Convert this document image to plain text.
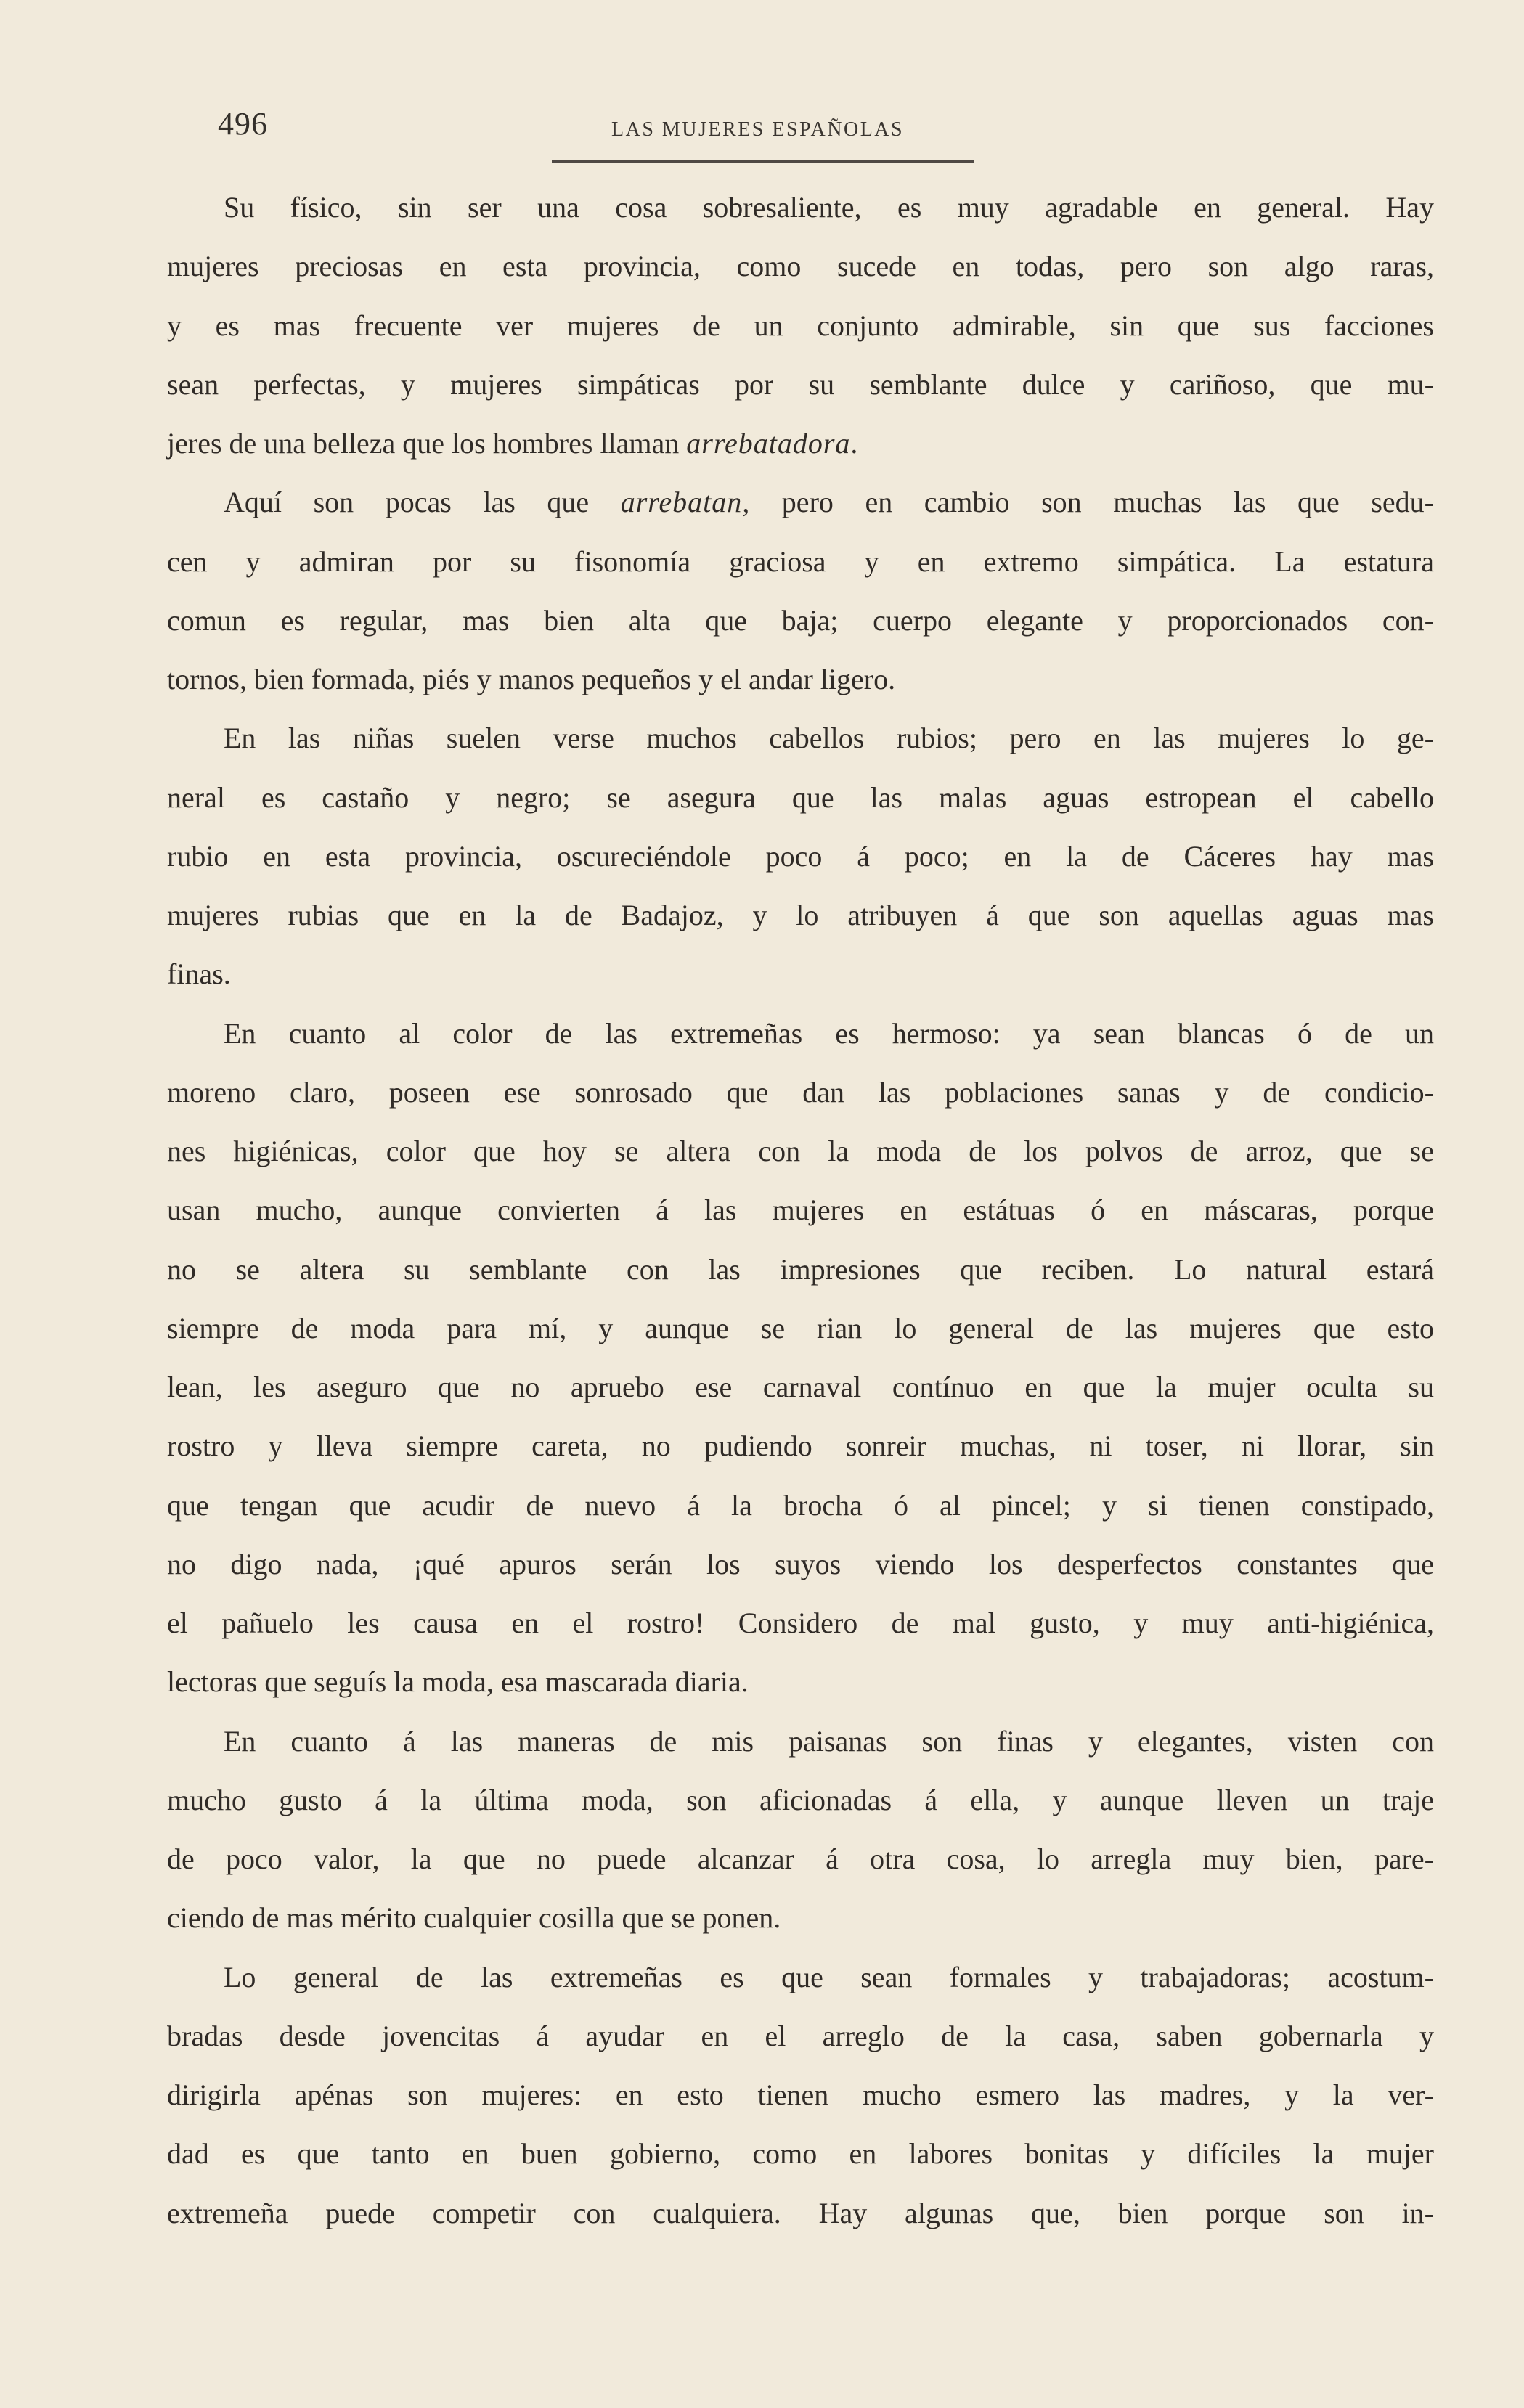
496	LAS MUJERES ESPAÑOLAS

Su físico, sin ser una cosa sobresaliente, es muy agradable en general. Hay
mujeres preciosas en esta provincia, como sucede en todas, pero son algo raras,
y es mas frecuente ver mujeres de un conjunto admirable, sin que sus facciones
sean perfectas, y mujeres simpáticas por su semblante dulce y cariñoso, que mu-
jeres de una belleza que los hombres llaman arrebatadora.

Aquí son pocas las que arrebatan, pero en cambio son muchas las que sedu-
cen y admiran por su fisonomía graciosa y en extremo simpática. La estatura
comun es regular, mas bien alta que baja; cuerpo elegante y proporcionados con-
tornos, bien formada, piés y manos pequeños y el andar ligero.

En las niñas suelen verse muchos cabellos rubios; pero en las mujeres lo ge-
neral es castaño y negro; se asegura que las malas aguas estropean el cabello
rubio en esta provincia, oscureciéndole poco á poco; en la de Cáceres hay mas
mujeres rubias que en la de Badajoz, y lo atribuyen á que son aquellas aguas mas
finas.

En cuanto al color de las extremeñas es hermoso: ya sean blancas ó de un
moreno claro, poseen ese sonrosado que dan las poblaciones sanas y de condicio-
nes higiénicas, color que hoy se altera con la moda de los polvos de arroz, que se
usan mucho, aunque convierten á las mujeres en estátuas ó en máscaras, porque
no se altera su semblante con las impresiones que reciben. Lo natural estará
siempre de moda para mí, y aunque se rian lo general de las mujeres que esto
lean, les aseguro que no apruebo ese carnaval contínuo en que la mujer oculta su
rostro y lleva siempre careta, no pudiendo sonreir muchas, ni toser, ni llorar, sin
que tengan que acudir de nuevo á la brocha ó al pincel; y si tienen constipado,
no digo nada, ¡qué apuros serán los suyos viendo los desperfectos constantes que
el pañuelo les causa en el rostro! Considero de mal gusto, y muy anti-higiénica,
lectoras que seguís la moda, esa mascarada diaria.

En cuanto á las maneras de mis paisanas son finas y elegantes, visten con
mucho gusto á la última moda, son aficionadas á ella, y aunque lleven un traje
de poco valor, la que no puede alcanzar á otra cosa, lo arregla muy bien, pare-
ciendo de mas mérito cualquier cosilla que se ponen.

Lo general de las extremeñas es que sean formales y trabajadoras; acostum-
bradas desde jovencitas á ayudar en el arreglo de la casa, saben gobernarla y
dirigirla apénas son mujeres: en esto tienen mucho esmero las madres, y la ver-
dad es que tanto en buen gobierno, como en labores bonitas y difíciles la mujer
extremeña puede competir con cualquiera. Hay algunas que, bien porque son in-
